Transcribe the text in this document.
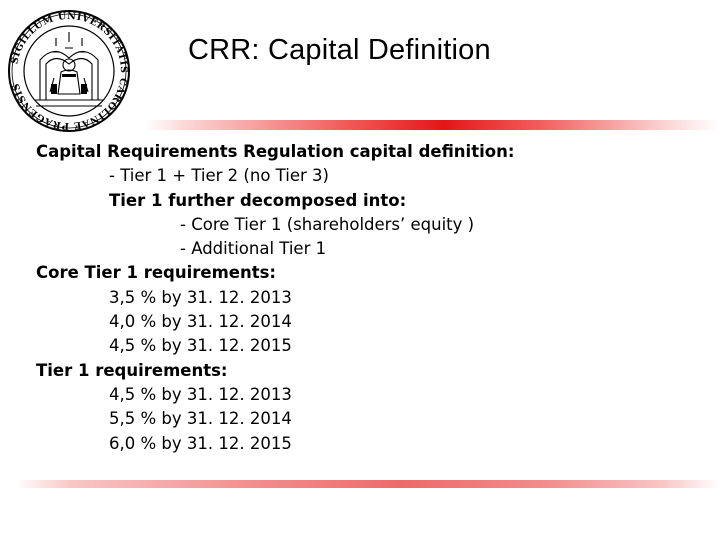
SIGILLUM UNIVERSITATIS CAROLINAE PRAGENSIS
CRR: Capital Definition
Capital Requirements Regulation capital definition:
- Tier 1 + Tier 2 (no Tier 3)
Tier 1 further decomposed into:
- Core Tier 1 (shareholders’ equity )
- Additional Tier 1
Core Tier 1 requirements:
3,5 % by 31. 12. 2013
4,0 % by 31. 12. 2014
4,5 % by 31. 12. 2015
Tier 1 requirements:
4,5 % by 31. 12. 2013
5,5 % by 31. 12. 2014
6,0 % by 31. 12. 2015
